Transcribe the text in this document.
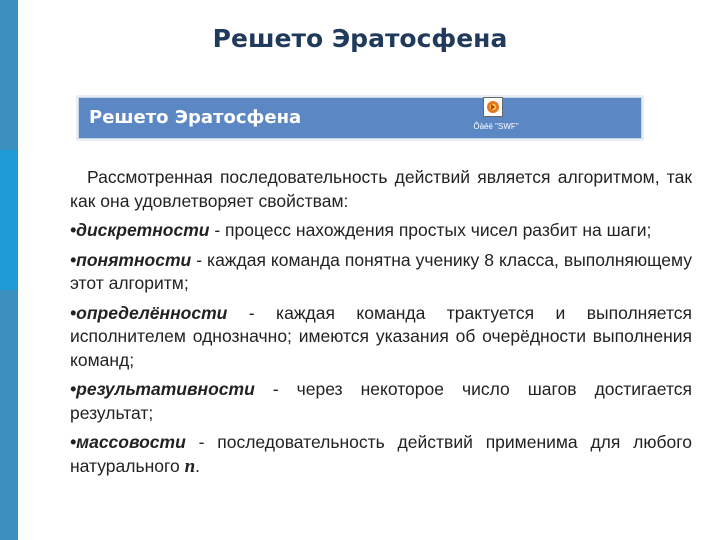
Решето Эратосфена
Решето Эратосфена	Ôàéë "SWF"

Рассмотренная последовательность действий является алгоритмом, так как она удовлетворяет свойствам:

•дискретности - процесс нахождения простых чисел разбит на шаги;

•понятности - каждая команда понятна ученику 8 класса, выполняющему этот алгоритм;

•определённости - каждая команда трактуется и выполняется исполнителем однозначно; имеются указания об очерёдности выполнения команд;

•результативности - через некоторое число шагов достигается результат;

•массовости - последовательность действий применима для любого натурального n.
